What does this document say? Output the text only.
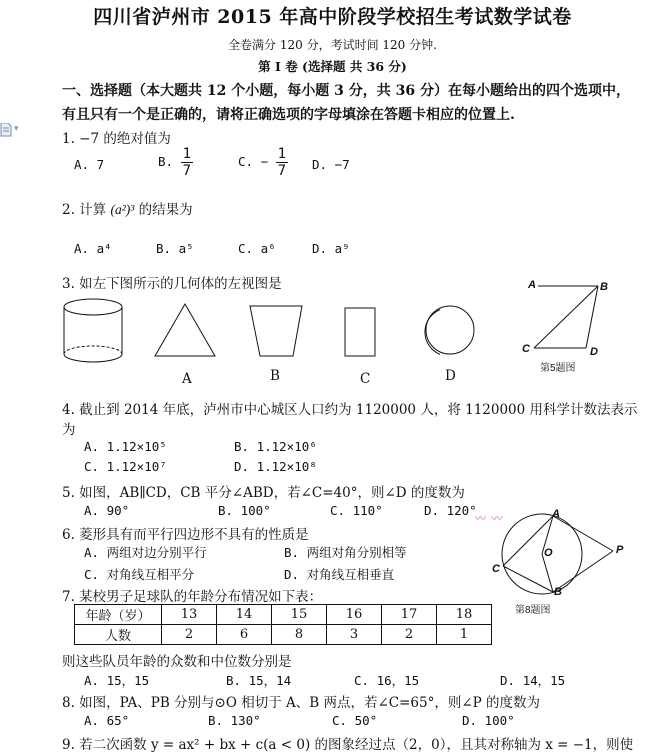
四川省泸州市 2015 年高中阶段学校招生考试数学试卷
全卷满分 120 分，考试时间 120 分钟.
第 I 卷 (选择题 共 36 分)
一、选择题（本大题共 12 个小题，每小题 3 分，共 36 分）在每小题给出的四个选项中，
有且只有一个是正确的，请将正确选项的字母填涂在答题卡相应的位置上.
▾
1. −7 的绝对值为
A. 7	B. $\frac{1}{7}$	C. − $\frac{1}{7} D$. −7
2. 计算 (a²)³ 的结果为
A. a⁴	B. a⁵	C. a⁶	D. a⁹
3. 如左下图所示的几何体的左视图是
A	B	C	D
A	B
C	D
第5题图
4. 截止到 2014 年底，泸州市中心城区人口约为 1120000 人，将 1120000 用科学计数法表示
为
A. 1.12×10⁵	B. 1.12×10⁶
C. 1.12×10⁷	D. 1.12×10⁸
5. 如图，AB∥CD，CB 平分∠ABD，若∠C=40°，则∠D 的度数为
A. 90°	B. 100°	C. 110°	D. 120°
〰 〰
6. 菱形具有而平行四边形不具有的性质是
A. 两组对边分别平行	B. 两组对角分别相等
C. 对角线互相平分	D. 对角线互相垂直
A
O	P
C
B
第8题图
7. 某校男子足球队的年龄分布情况如下表：
年龄（岁）	13	14	15	16	17	18
人数	2	6	8	3	2	1
则这些队员年龄的众数和中位数分别是
A. 15，15	B. 15，14	C. 16，15	D. 14，15
8. 如图，PA、PB 分别与⊙O 相切于 A、B 两点，若∠C=65°，则∠P 的度数为
A. 65°	B. 130°	C. 50°	D. 100°
9. 若二次函数 y = ax² + bx + c(a < 0) 的图象经过点（2，0），且其对称轴为 x = −1，则使
